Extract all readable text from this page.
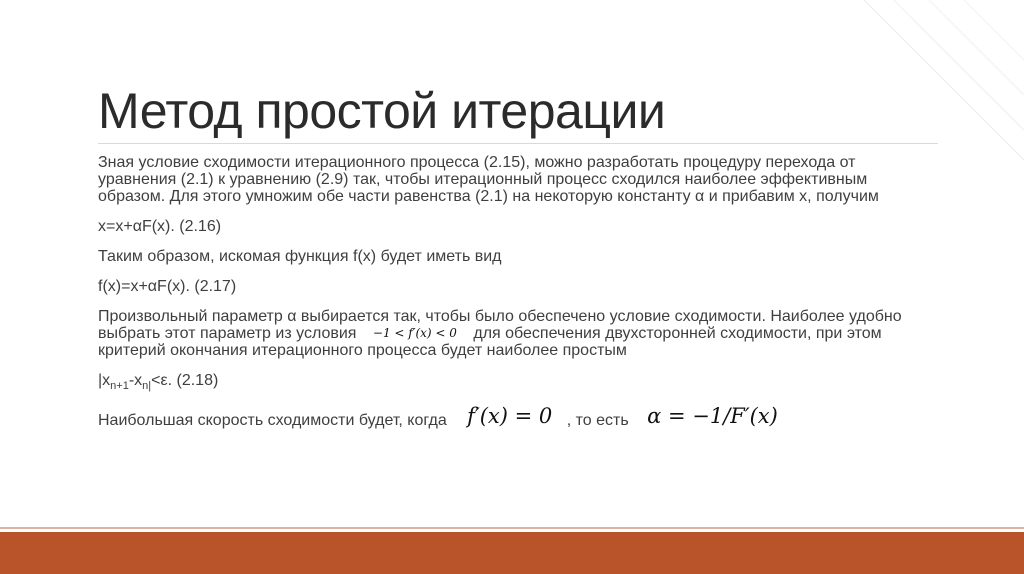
Метод простой итерации

Зная условие сходимости итерационного процесса (2.15), можно разработать процедуру перехода от уравнения (2.1) к уравнению (2.9) так, чтобы итерационный процесс сходился наиболее эффективным образом. Для этого умножим обе части равенства (2.1) на некоторую константу α и прибавим x, получим

x=x+αF(x). (2.16)

Таким образом, искомая функция f(x) будет иметь вид

f(x)=x+αF(x). (2.17)

Произвольный параметр α выбирается так, чтобы было обеспечено условие сходимости. Наиболее удобно выбрать этот параметр из условия −1 < f′(x) < 0 для обеспечения двухсторонней сходимости, при этом критерий окончания итерационного процесса будет наиболее простым

$|x_{n+1}-x_{n|}<\varepsilon$. (2.18)

Наибольшая скорость сходимости будет, когда f′(x) = 0 , то есть α = −1/F′(x)
